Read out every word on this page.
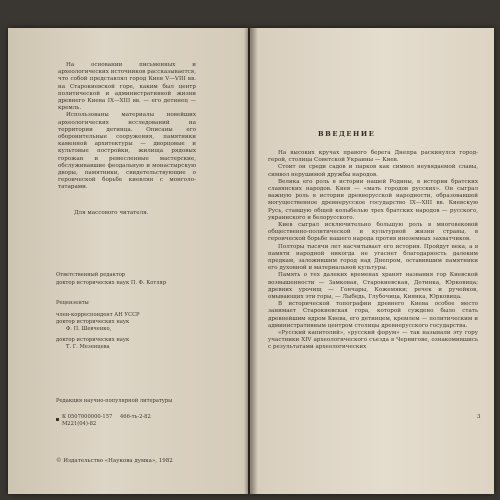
На основании письменных и археологических источников рассказывается, что собой представлял город Киев V—VIII вв. на Старокиевской горе, каким был центр политической и административной жизни древнего Киева IX—XIII вв. — его детинец — кремль.

Использованы материалы новейших археологических исследований на территории детинца. Описаны его оборонительные сооружения, памятники каменной архитектуры — дворцовые и культовые постройки, жилища рядовых горожан и ремесленные мастерские, обслуживавшие феодальную и монастырскую дворы, памятники, свидетельствующие о героической борьбе киевлян с монголо-татарами.

Для массового читателя.
Ответственный редактор
доктор исторических наук П. Ф. Котляр
Рецензенты
член-корреспондент АН УССР
доктор исторических наук
Ф. П. Шевченко,
доктор исторических наук
Т. Г. Мезенцева
Редакция научно-популярной литературы
К 0507000000-157
М221(04)-82
466-ть-2-82
© Издательство «Наукова думка», 1982
ВВЕДЕНИЕ

На высоких кручах правого берега Днепра раскинулся город-герой, столица Советской Украины — Киев.

Стоит он среди садов и парков как символ неувядаемой славы, символ нерушимой дружбы народов.

Велика его роль в истории нашей Родины, в истории братских славянских народов. Киев — «мать городов русских». Он сыграл важную роль в истории древнерусской народности, образовавшей могущественное древнерусское государство IX—XIII вв. Киевскую Русь, ставшую общей колыбелью трех братских народов — русского, украинского и белорусского.

Киев сыграл исключительно большую роль в многовековой общественно-политической и культурной жизни страны, в героической борьбе нашего народа против иноземных захватчиков.

Полторы тысячи лет насчитывает его история. Пройдут века, а в памяти народной никогда не угаснет благодарность далеким предкам, заложившим город над Днепром, оставившим памятники его духовной и материальной культуры.

Память о тех далеких временах хранят названия гор Киевской возвышенности — Замковая, Старокиевская, Детинка, Юрковица; древних урочищ — Гончары, Кожемяки; речек и ручейков, омывающих эти горы, — Лыбедь, Глубочица, Киянка, Юрковица.

В исторической топографии древнего Киева особое место занимает Старокиевская гора, которой суждено было стать древнейшим ядром Киева, его детинцем, кремлем — политическим и административным центром столицы древнерусского государства.

«Русский капитолий», «русский форум» — так называли эту гору участники XIV археологического съезда в Чернигове, ознакомившись с результатами археологических

3
